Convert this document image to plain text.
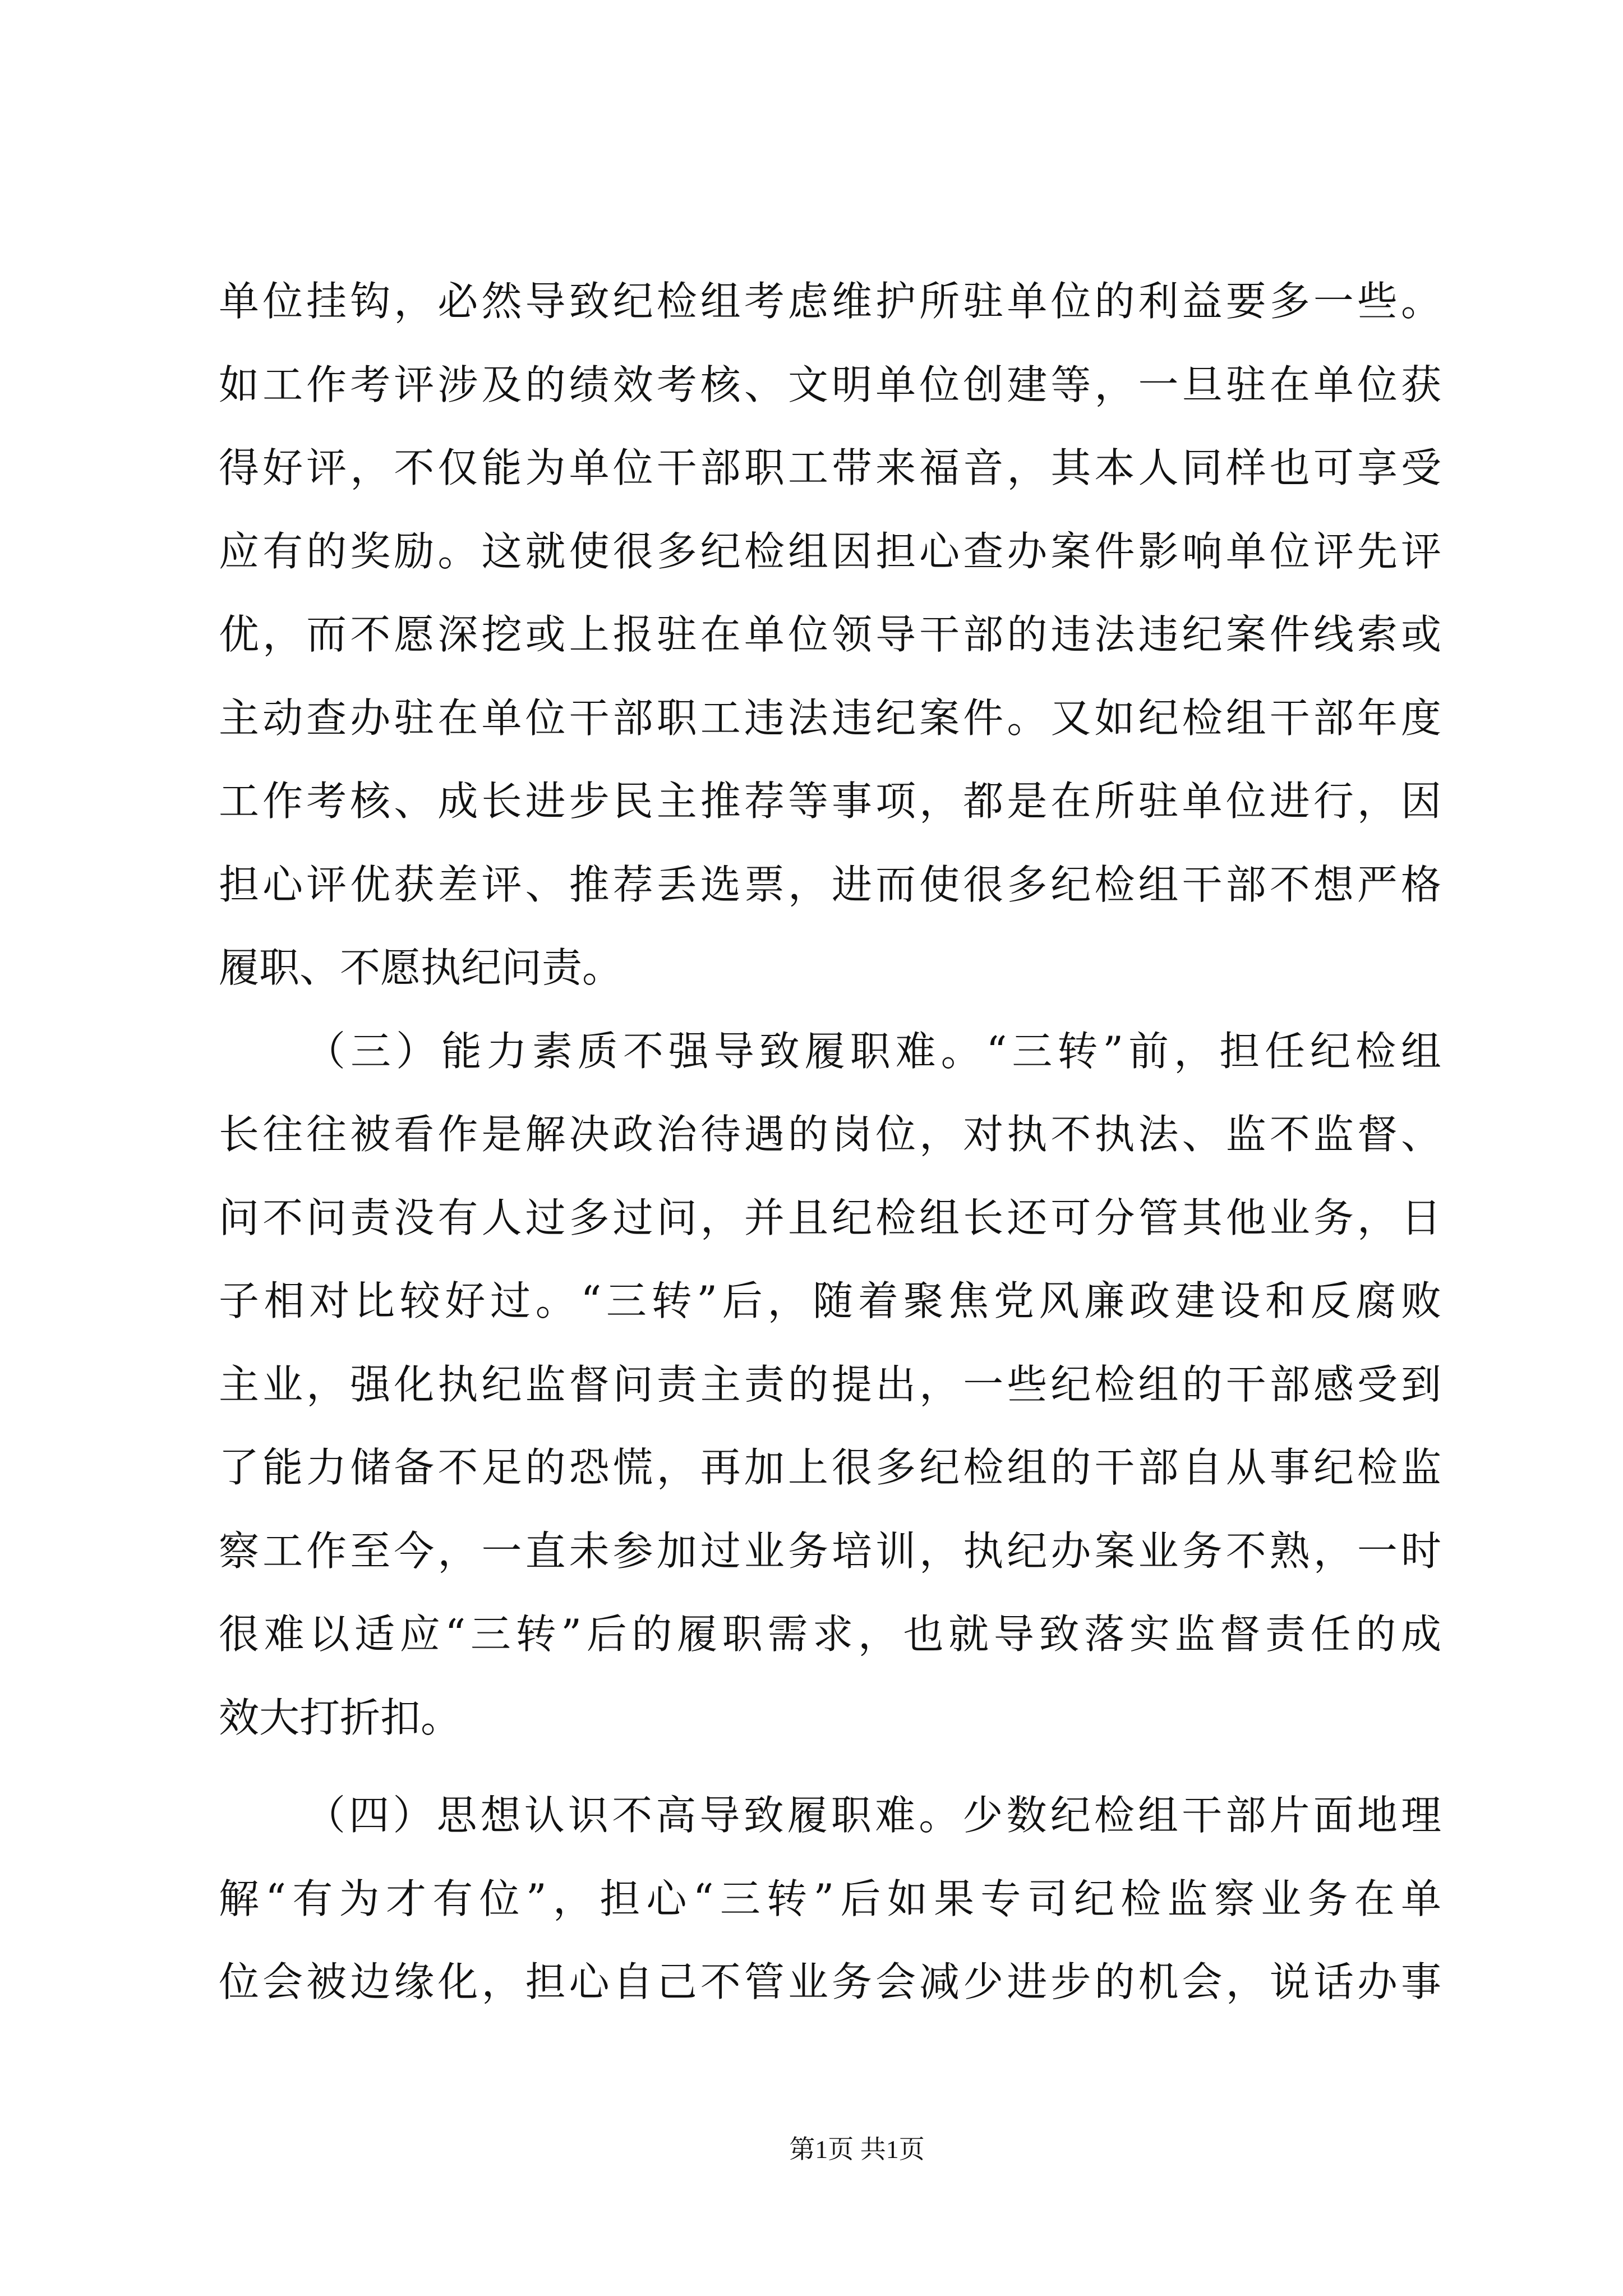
单位挂钩，必然导致纪检组考虑维护所驻单位的利益要多一些。
如工作考评涉及的绩效考核、文明单位创建等，一旦驻在单位获
得好评，不仅能为单位干部职工带来福音，其本人同样也可享受
应有的奖励。这就使很多纪检组因担心查办案件影响单位评先评
优，而不愿深挖或上报驻在单位领导干部的违法违纪案件线索或
主动查办驻在单位干部职工违法违纪案件。又如纪检组干部年度
工作考核、成长进步民主推荐等事项，都是在所驻单位进行，因
担心评优获差评、推荐丢选票，进而使很多纪检组干部不想严格
履职、不愿执纪问责。
（三）能力素质不强导致履职难。“三转”前，担任纪检组
长往往被看作是解决政治待遇的岗位，对执不执法、监不监督、
问不问责没有人过多过问，并且纪检组长还可分管其他业务，日
子相对比较好过。“三转”后，随着聚焦党风廉政建设和反腐败
主业，强化执纪监督问责主责的提出，一些纪检组的干部感受到
了能力储备不足的恐慌，再加上很多纪检组的干部自从事纪检监
察工作至今，一直未参加过业务培训，执纪办案业务不熟，一时
很难以适应“三转”后的履职需求，也就导致落实监督责任的成
效大打折扣。
（四）思想认识不高导致履职难。少数纪检组干部片面地理
解“有为才有位”，担心“三转”后如果专司纪检监察业务在单
位会被边缘化，担心自己不管业务会减少进步的机会，说话办事
第1页 共1页
